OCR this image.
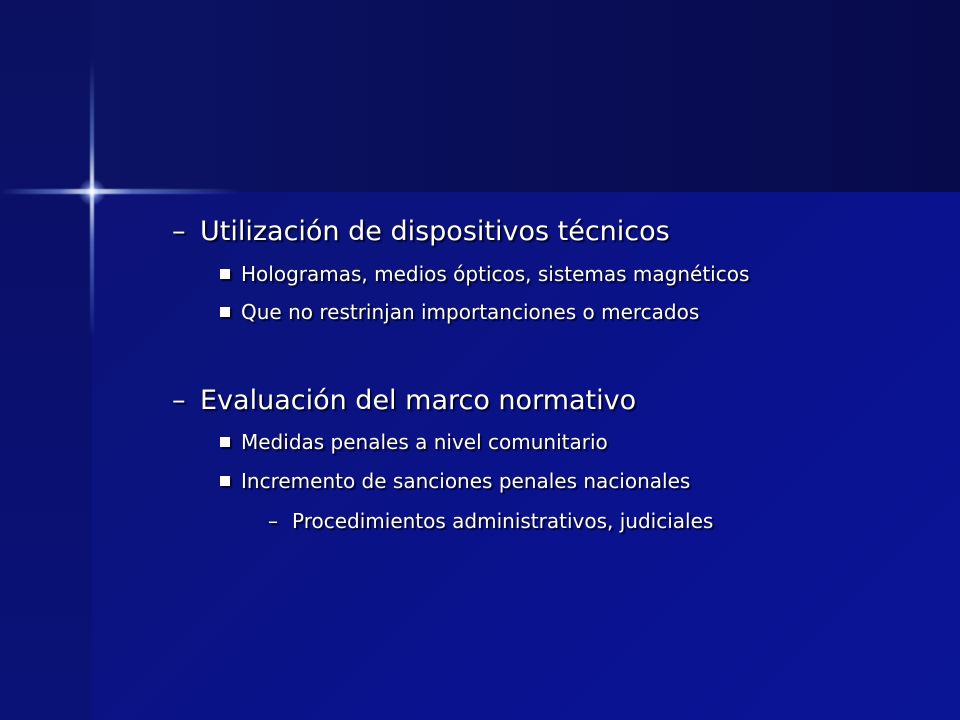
– Utilización de dispositivos técnicos
Hologramas, medios ópticos, sistemas magnéticos
Que no restrinjan importanciones o mercados
– Evaluación del marco normativo
Medidas penales a nivel comunitario
Incremento de sanciones penales nacionales
– Procedimientos administrativos, judiciales
